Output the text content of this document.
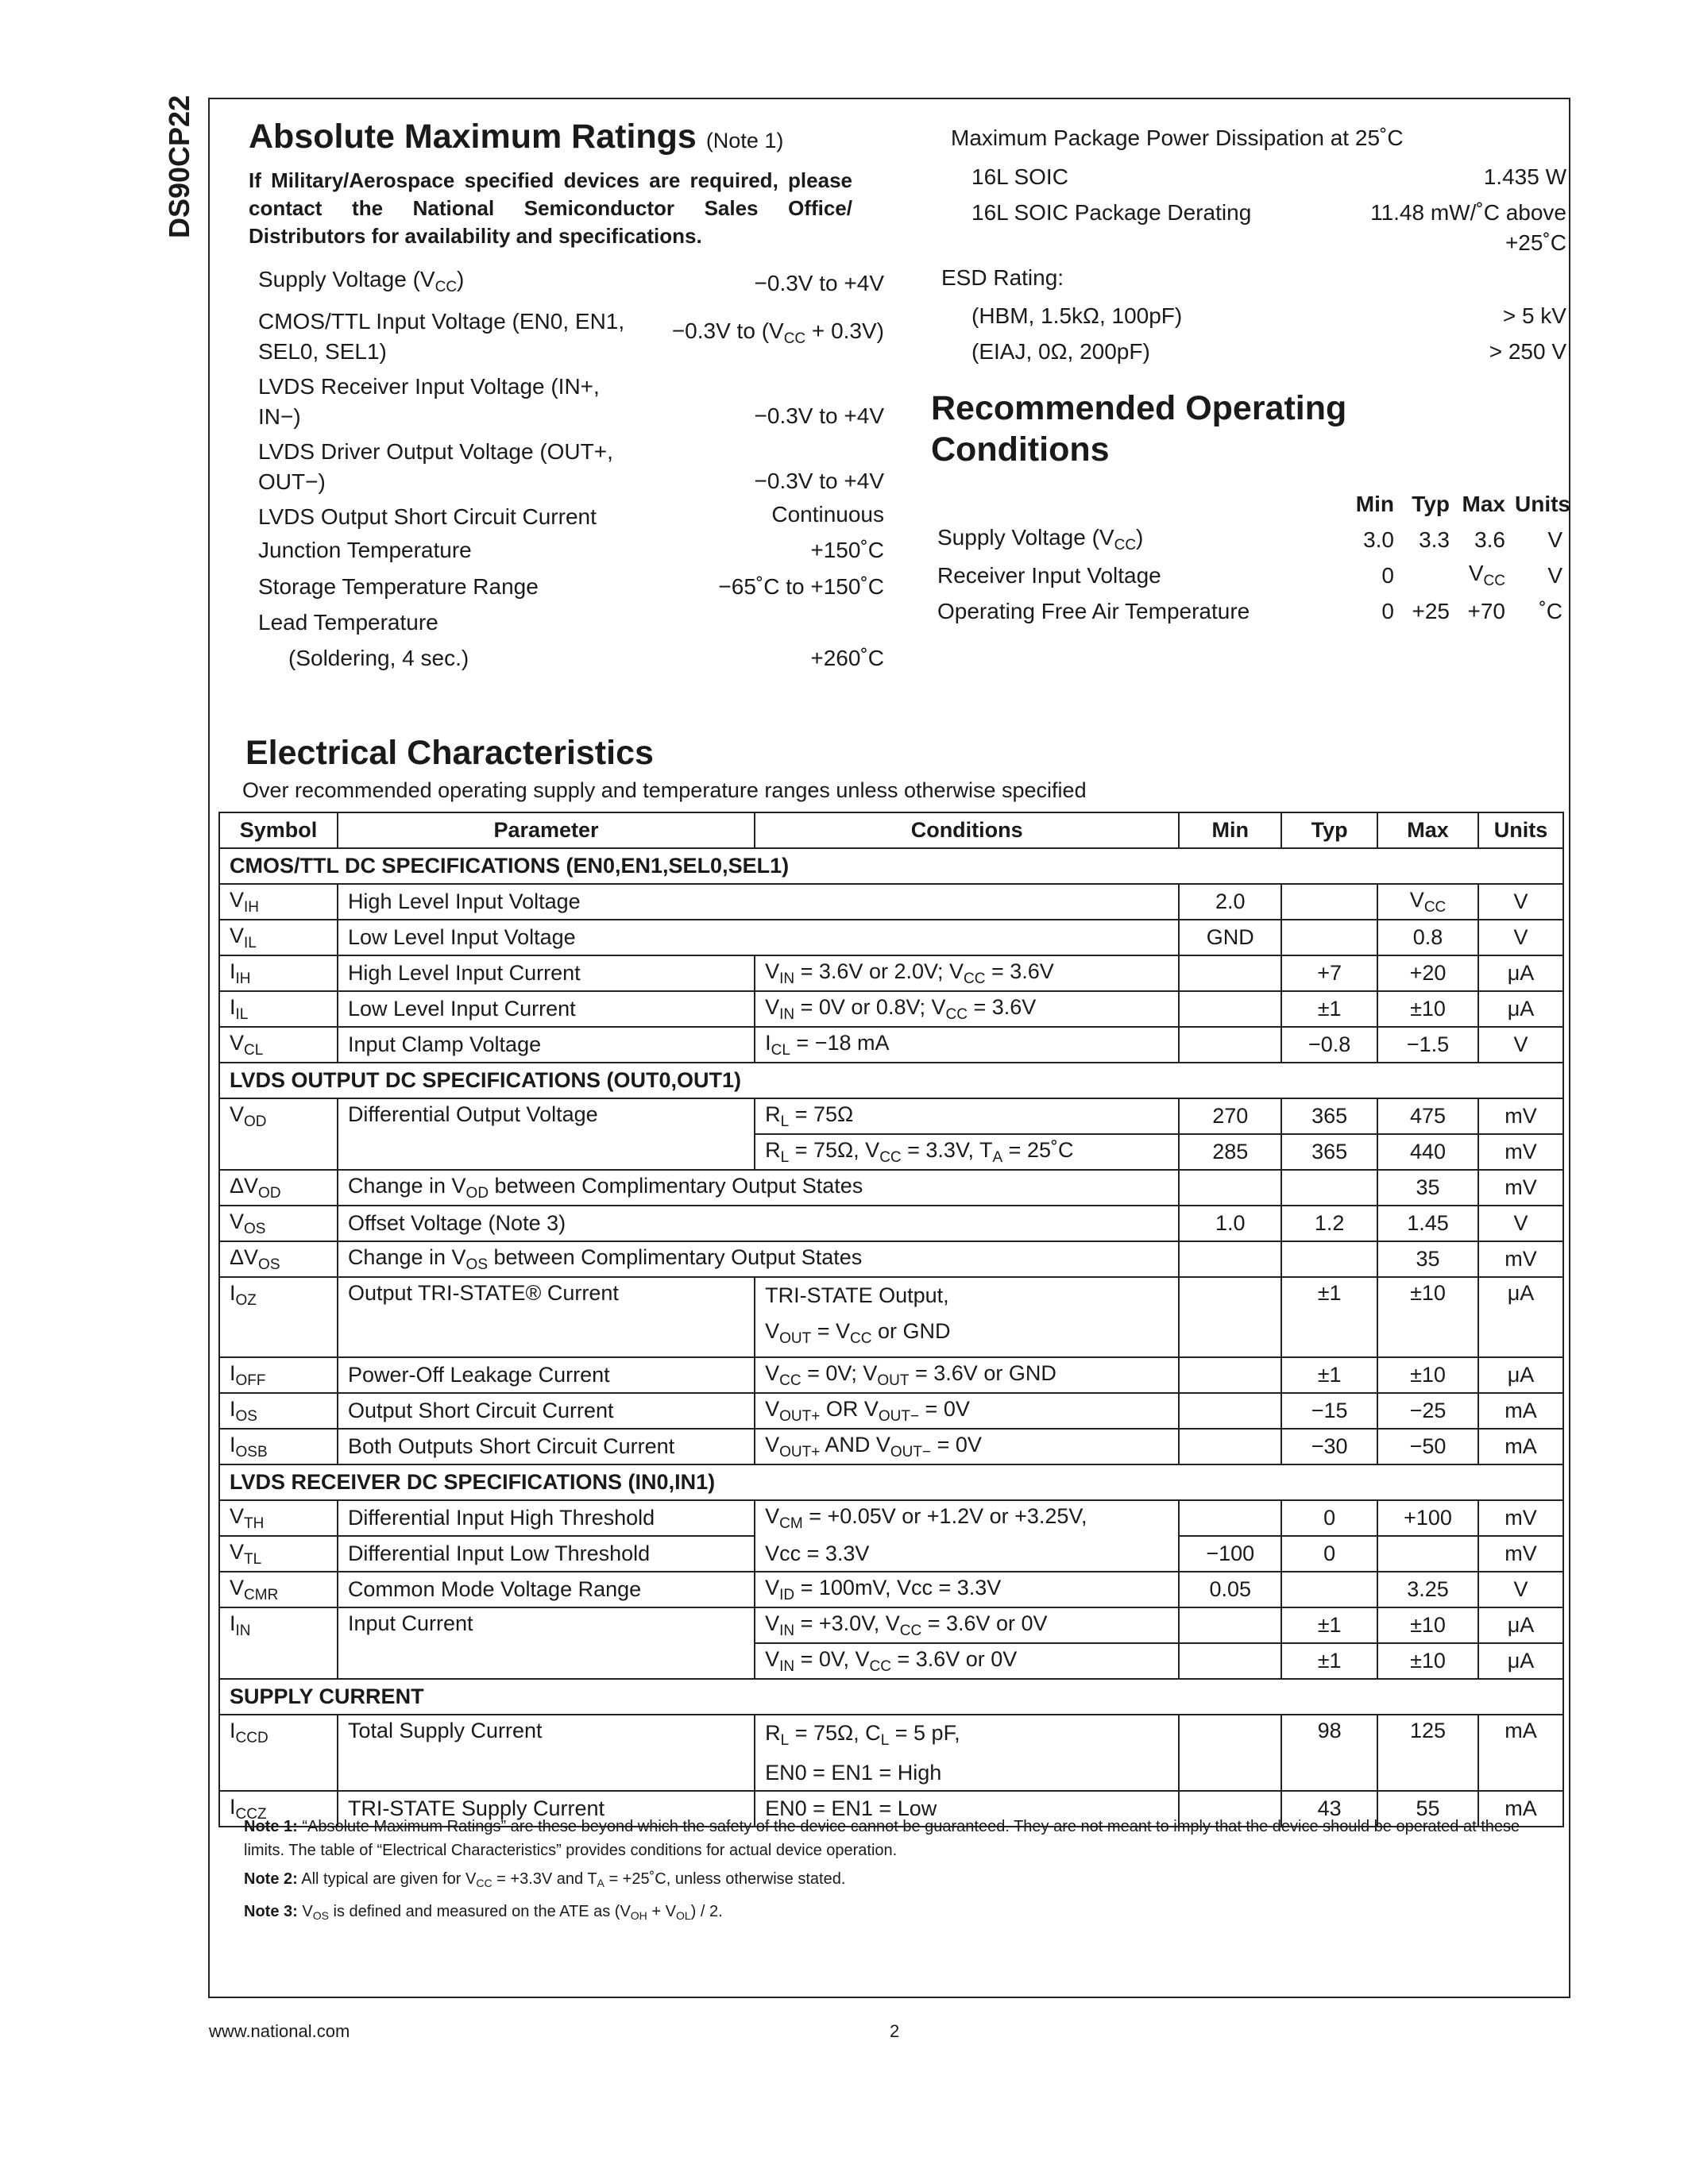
DS90CP22 Absolute Maximum Ratings (Note 1)
If Military/Aerospace specified devices are required, please contact the National Semiconductor Sales Office/ Distributors for availability and specifications.
Supply Voltage $(V_{CC})$	−0.3V to +4V
CMOS/TTL Input Voltage (EN0, EN1, SEL0, SEL1)	−0.3V to $(V_{CC} + 0.3V)$
LVDS Receiver Input Voltage (IN+, IN−)	−0.3V to +4V
LVDS Driver Output Voltage (OUT+, OUT−)	−0.3V to +4V
LVDS Output Short Circuit Current	Continuous
Junction Temperature	+150˚C
Storage Temperature Range	−65˚C to +150˚C
Lead Temperature	
(Soldering, 4 sec.)	+260˚C
Maximum Package Power Dissipation at 25˚C
16L SOIC	1.435 W
16L SOIC Package Derating	11.48 mW/˚C above
+25˚C

ESD Rating:	
(HBM, 1.5kΩ, 100pF)	> 5 kV
(EIAJ, 0Ω, 200pF)	> 250 V
Recommended Operating
Conditions
	Min	Typ	Max	Units
Supply Voltage $(V_{CC})$	3.0	3.3	3.6	V
Receiver Input Voltage	0		$V_{CC}$	V
Operating Free Air Temperature	0	+25	+70	˚C
Electrical Characteristics
Over recommended operating supply and temperature ranges unless otherwise specified
Symbol	Parameter	Conditions	Min	Typ	Max	Units
CMOS/TTL DC SPECIFICATIONS (EN0,EN1,SEL0,SEL1)						
$V_{IH}$	High Level Input Voltage		2.0		$V_{CC}$	V
$V_{IL}$	Low Level Input Voltage		GND		0.8	V
$I_{IH}$	High Level Input Current	$V_{IN} = 3.6V$ or 2.0V; $V_{CC} = 3.6V$		+7	+20	μA
$I_{IL}$	Low Level Input Current	$V_{IN} = 0V$ or 0.8V; $V_{CC} = 3.6V$		±1	±10	μA
$V_{CL}$	Input Clamp Voltage	$I_{CL} = -18$ mA		−0.8	−1.5	V
LVDS OUTPUT DC SPECIFICATIONS (OUT0,OUT1)						
$V_{OD}$	Differential Output Voltage	$R_L = 75\Omega$	270	365	475	mV
		$R_L = 75\Omega$, $V_{CC} = 3.3V$, $T_A$ = 25˚C	285	365	440	mV
$\Delta V_{OD}$	Change in $V_{OD}$ between Complimentary Output States				35	mV
$V_{OS}$	Offset Voltage (Note 3)		1.0	1.2	1.45	V
$\Delta V_{OS}$	Change in $V_{OS}$ between Complimentary Output States				35	mV
$I_{OZ}$	Output TRI-STATE® Current	TRI-STATE Output,
$V_{OUT} = V_{CC}$ or GND		±1	±10	μA
$I_{OFF}$	Power-Off Leakage Current	$V_{CC} = 0V$; $V_{OUT} = 3.6V$ or GND		±1	±10	μA
$I_{OS}$	Output Short Circuit Current	$V_{OUT+}$ OR $V_{OUT-} = 0V$		−15	−25	mA
$I_{OSB}$	Both Outputs Short Circuit Current	$V_{OUT+}$ AND $V_{OUT-} = 0V$		−30	−50	mA
LVDS RECEIVER DC SPECIFICATIONS (IN0,IN1)						
$V_{TH}$	Differential Input High Threshold	$V_{CM} = +0.05V$ or +1.2V or +3.25V,		0	+100	mV
$V_{TL}$	Differential Input Low Threshold	Vcc = 3.3V	−100	0		mV
$V_{CMR}$	Common Mode Voltage Range	$V_{ID} = 100mV$, Vcc = 3.3V	0.05		3.25	V
$I_{IN}$	Input Current	$V_{IN} = +3.0V$, $V_{CC} = 3.6V$ or 0V		±1	±10	μA
		$V_{IN} = 0V$, $V_{CC} = 3.6V$ or 0V		±1	±10	μA
SUPPLY CURRENT						
$I_{CCD}$	Total Supply Current	$R_L = 75\Omega$, $C_L = 5$ pF,
EN0 = EN1 = High		98	125	mA
$I_{CCZ}$	TRI-STATE Supply Current	EN0 = EN1 = Low		43	55	mA
Note 1: “Absolute Maximum Ratings” are these beyond which the safety of the device cannot be guaranteed. They are not meant to imply that the device should be operated at these limits. The table of “Electrical Characteristics” provides conditions for actual device operation.
Note 2: All typical are given for $V_{CC} = +3.3V$ and $T_A$ = +25˚C, unless otherwise stated.
Note 3: $V_{OS}$ is defined and measured on the ATE as $(V_{OH} + V_{OL}) / 2$.
www.national.com	2
